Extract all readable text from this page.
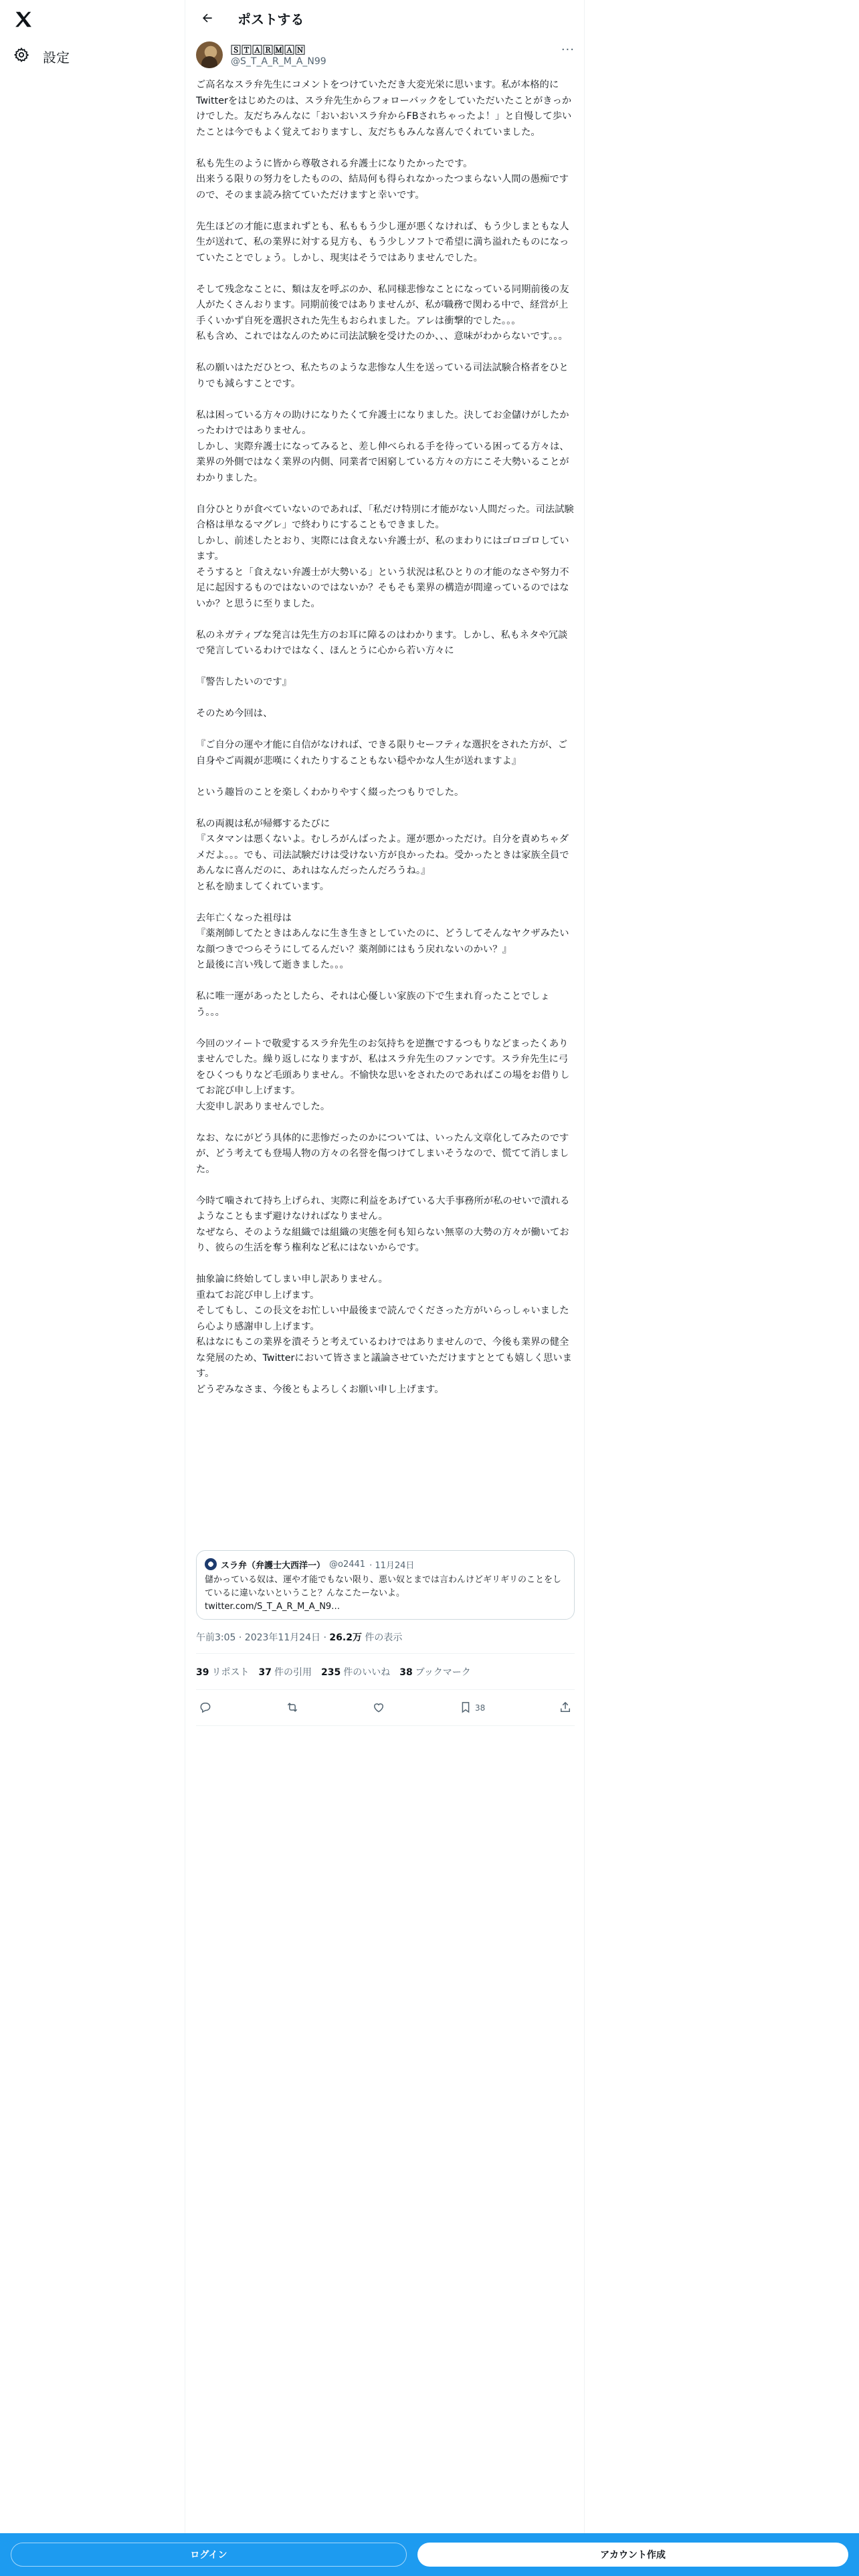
設定
ポストする
🅂🅃🄰🅁🄼🄰🄽
@S_T_A_R_M_A_N99
···

ご高名なスラ弁先生にコメントをつけていただき大変光栄に思います。私が本格的にTwitterをはじめたのは、スラ弁先生からフォローバックをしていただいたことがきっかけでした。友だちみんなに「おいおいスラ弁からFBされちゃったよ！」と自慢して歩いたことは今でもよく覚えておりますし、友だちもみんな喜んでくれていました。

私も先生のように皆から尊敬される弁護士になりたかったです。
出来うる限りの努力をしたものの、結局何も得られなかったつまらない人間の愚痴ですので、そのまま読み捨てていただけますと幸いです。

先生ほどの才能に恵まれずとも、私ももう少し運が悪くなければ、もう少しまともな人生が送れて、私の業界に対する見方も、もう少しソフトで希望に満ち溢れたものになっていたことでしょう。しかし、現実はそうではありませんでした。

そして残念なことに、類は友を呼ぶのか、私同様悲惨なことになっている同期前後の友人がたくさんおります。同期前後ではありませんが、私が職務で関わる中で、経営が上手くいかず自死を選択された先生もおられました。アレは衝撃的でした。。。
私も含め、これではなんのために司法試験を受けたのか、、、意味がわからないです。。。

私の願いはただひとつ、私たちのような悲惨な人生を送っている司法試験合格者をひとりでも減らすことです。

私は困っている方々の助けになりたくて弁護士になりました。決してお金儲けがしたかったわけではありません。
しかし、実際弁護士になってみると、差し伸べられる手を待っている困ってる方々は、業界の外側ではなく業界の内側、同業者で困窮している方々の方にこそ大勢いることがわかりました。

自分ひとりが食べていないのであれば、「私だけ特別に才能がない人間だった。司法試験合格は単なるマグレ」で終わりにすることもできました。
しかし、前述したとおり、実際には食えない弁護士が、私のまわりにはゴロゴロしています。
そうすると「食えない弁護士が大勢いる」という状況は私ひとりの才能のなさや努力不足に起因するものではないのではないか？そもそも業界の構造が間違っているのではないか？と思うに至りました。

私のネガティブな発言は先生方のお耳に障るのはわかります。しかし、私もネタや冗談で発言しているわけではなく、ほんとうに心から若い方々に

『警告したいのです』

そのため今回は、

『ご自分の運や才能に自信がなければ、できる限りセーフティな選択をされた方が、ご自身やご両親が悲嘆にくれたりすることもない穏やかな人生が送れますよ』

という趣旨のことを楽しくわかりやすく綴ったつもりでした。

私の両親は私が帰郷するたびに
『スタマンは悪くないよ。むしろがんばったよ。運が悪かっただけ。自分を責めちゃダメだよ。。。でも、司法試験だけは受けない方が良かったね。受かったときは家族全員であんなに喜んだのに、あれはなんだったんだろうね。』
と私を励ましてくれています。

去年亡くなった祖母は
『薬剤師してたときはあんなに生き生きとしていたのに、どうしてそんなヤクザみたいな顔つきでつらそうにしてるんだい？薬剤師にはもう戻れないのかい？』
と最後に言い残して逝きました。。。

私に唯一運があったとしたら、それは心優しい家族の下で生まれ育ったことでしょう。。。

今回のツイートで敬愛するスラ弁先生のお気持ちを逆撫でするつもりなどまったくありませんでした。繰り返しになりますが、私はスラ弁先生のファンです。スラ弁先生に弓をひくつもりなど毛頭ありません。不愉快な思いをされたのであればこの場をお借りしてお詫び申し上げます。
大変申し訳ありませんでした。

なお、なにがどう具体的に悲惨だったのかについては、いったん文章化してみたのですが、どう考えても登場人物の方々の名誉を傷つけてしまいそうなので、慌てて消しました。

今時て噛されて持ち上げられ、実際に利益をあげている大手事務所が私のせいで潰れるようなこともまず避けなければなりません。
なぜなら、そのような組織では組織の実態を何も知らない無辜の大勢の方々が働いており、彼らの生活を奪う権利など私にはないからです。

抽象論に終始してしまい申し訳ありません。
重ねてお詫び申し上げます。
そしてもし、この長文をお忙しい中最後まで読んでくださった方がいらっしゃいましたら心より感謝申し上げます。
私はなにもこの業界を潰そうと考えているわけではありませんので、今後も業界の健全な発展のため、Twitterにおいて皆さまと議論させていただけますととても嬉しく思います。
どうぞみなさま、今後ともよろしくお願い申し上げます。

スラ弁（弁護士大西洋一） @o2441 · 11月24日
儲かっている奴は、運や才能でもない限り、悪い奴とまでは言わんけどギリギリのことをしているに違いないということ？んなこたーないよ。
twitter.com/S_T_A_R_M_A_N9…
午前3:05 · 2023年11月24日 · 26.2万 件の表示
39 リポスト 37 件の引用 235 件のいいね 38 ブックマーク
38
ログイン	アカウント作成
